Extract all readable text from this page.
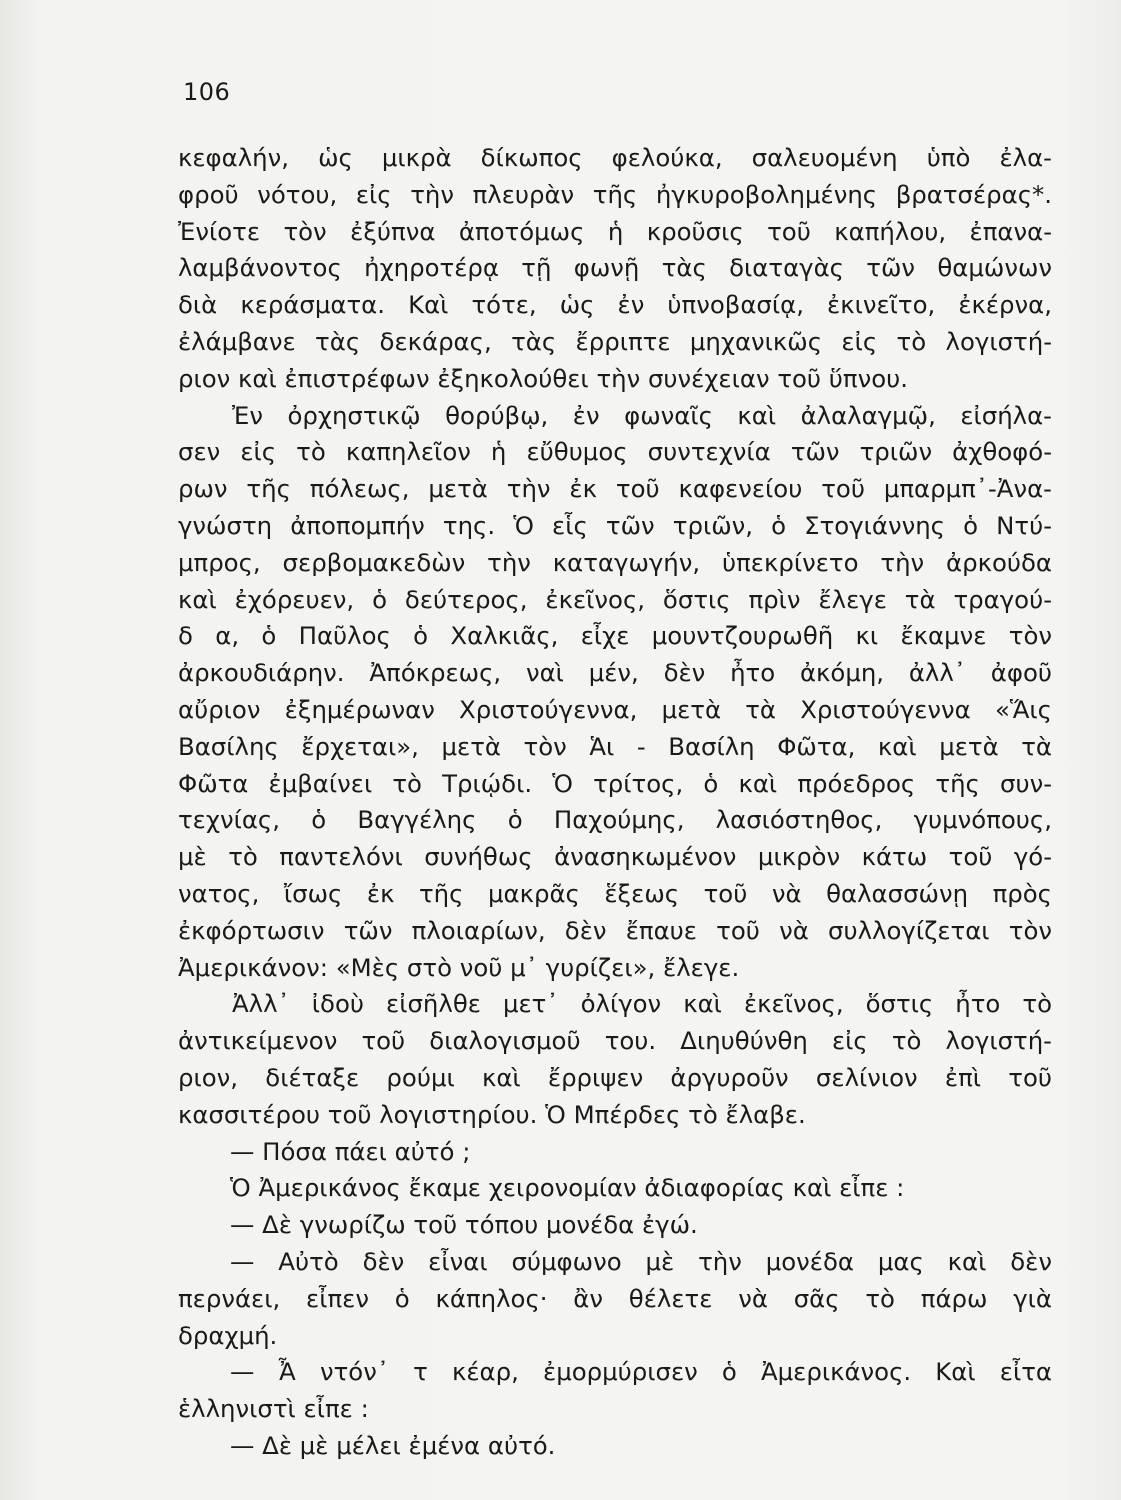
106
κεφαλήν, ὡς μικρὰ δίκωπος φελούκα, σαλευομένη ὑπὸ ἐλα-
φροῦ νότου, εἰς τὴν πλευρὰν τῆς ἠγκυροβολημένης βρατσέρας*.
Ἐνίοτε τὸν ἐξύπνα ἀποτόμως ἡ κροῦσις τοῦ καπήλου, ἐπανα-
λαμβάνοντος ἠχηροτέρᾳ τῇ φωνῇ τὰς διαταγὰς τῶν θαμώνων
διὰ κεράσματα. Καὶ τότε, ὡς ἐν ὑπνοβασίᾳ, ἐκινεῖτο, ἐκέρνα,
ἐλάμβανε τὰς δεκάρας, τὰς ἔρριπτε μηχανικῶς εἰς τὸ λογιστή-
ριον καὶ ἐπιστρέφων ἐξηκολούθει τὴν συνέχειαν τοῦ ὕπνου.
Ἐν ὀρχηστικῷ θορύβῳ, ἐν φωναῖς καὶ ἀλαλαγμῷ, εἰσήλα-
σεν εἰς τὸ καπηλεῖον ἡ εὔθυμος συντεχνία τῶν τριῶν ἀχθοφό-
ρων τῆς πόλεως, μετὰ τὴν ἐκ τοῦ καφενείου τοῦ μπαρμπ᾽-Ἀνα-
γνώστη ἀποπομπήν της. Ὁ εἷς τῶν τριῶν, ὁ Στογιάννης ὁ Ντύ-
μπρος, σερβομακεδὼν τὴν καταγωγήν, ὑπεκρίνετο τὴν ἀρκούδα
καὶ ἐχόρευεν, ὁ δεύτερος, ἐκεῖνος, ὅστις πρὶν ἔλεγε τὰ τραγού-
δ α, ὁ Παῦλος ὁ Χαλκιᾶς, εἶχε μουντζουρωθῆ κι ἔκαμνε τὸν
ἀρκουδιάρην. Ἀπόκρεως, ναὶ μέν, δὲν ἦτο ἀκόμη, ἀλλ᾽ ἀφοῦ
αὔριον ἐξημέρωναν Χριστούγεννα, μετὰ τὰ Χριστούγεννα «Ἅις
Βασίλης ἔρχεται», μετὰ τὸν Ἁι - Βασίλη Φῶτα, καὶ μετὰ τὰ
Φῶτα ἐμβαίνει τὸ Τριῴδι. Ὁ τρίτος, ὁ καὶ πρόεδρος τῆς συν-
τεχνίας, ὁ Βαγγέλης ὁ Παχούμης, λασιόστηθος, γυμνόπους,
μὲ τὸ παντελόνι συνήθως ἀνασηκωμένον μικρὸν κάτω τοῦ γό-
νατος, ἴσως ἐκ τῆς μακρᾶς ἕξεως τοῦ νὰ θαλασσώνῃ πρὸς
ἐκφόρτωσιν τῶν πλοιαρίων, δὲν ἔπαυε τοῦ νὰ συλλογίζεται τὸν
Ἀμερικάνον: «Μὲς στὸ νοῦ μ᾽ γυρίζει», ἔλεγε.
Ἀλλ᾽ ἰδοὺ εἰσῆλθε μετ᾽ ὀλίγον καὶ ἐκεῖνος, ὅστις ἦτο τὸ
ἀντικείμενον τοῦ διαλογισμοῦ του. Διηυθύνθη εἰς τὸ λογιστή-
ριον, διέταξε ρούμι καὶ ἔρριψεν ἀργυροῦν σελίνιον ἐπὶ τοῦ
κασσιτέρου τοῦ λογιστηρίου. Ὁ Μπέρδες τὸ ἔλαβε.
— Πόσα πάει αὐτό ;
Ὁ Ἀμερικάνος ἔκαμε χειρονομίαν ἀδιαφορίας καὶ εἶπε :
— Δὲ γνωρίζω τοῦ τόπου μονέδα ἐγώ.
— Αὐτὸ δὲν εἶναι σύμφωνο μὲ τὴν μονέδα μας καὶ δὲν
περνάει, εἶπεν ὁ κάπηλος· ἂν θέλετε νὰ σᾶς τὸ πάρω γιὰ
δραχμή.
— Ἆ ντόν᾽ τ κέαρ, ἐμορμύρισεν ὁ Ἀμερικάνος. Καὶ εἶτα
ἑλληνιστὶ εἶπε :
— Δὲ μὲ μέλει ἐμένα αὐτό.
